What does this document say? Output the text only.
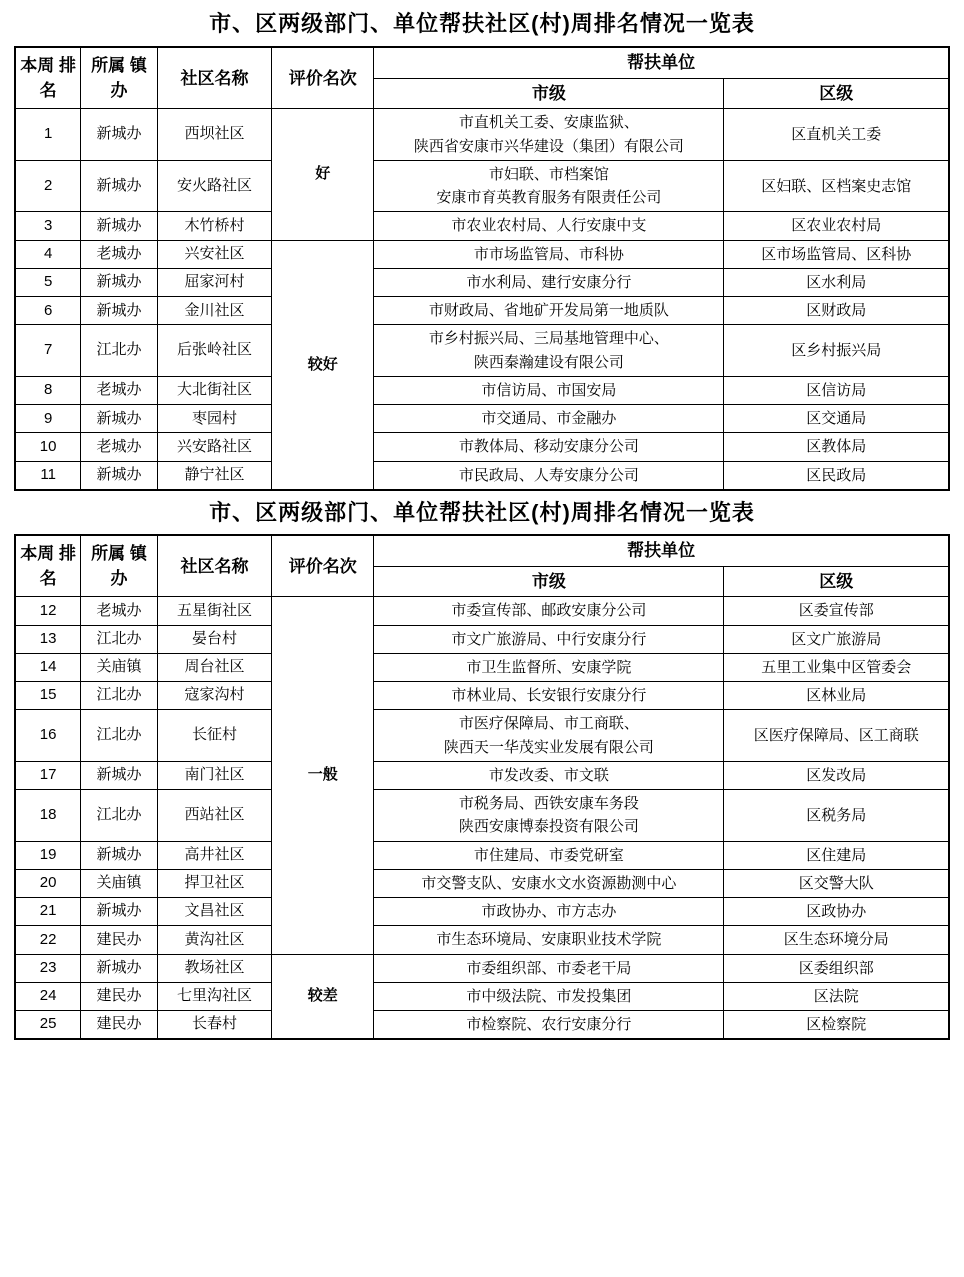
市、区两级部门、单位帮扶社区(村)周排名情况一览表
本周 排名	所属 镇办	社区名称	评价名次	帮扶单位	
				市级	区级
1	新城办	西坝社区	好	市直机关工委、安康监狱、
陕西省安康市兴华建设（集团）有限公司	区直机关工委

2	新城办	安火路社区		市妇联、市档案馆
安康市育英教育服务有限责任公司	区妇联、区档案史志馆

3	新城办	木竹桥村		市农业农村局、人行安康中支	区农业农村局

4	老城办	兴安社区	较好	市市场监管局、市科协	区市场监管局、区科协

5	新城办	屈家河村		市水利局、建行安康分行	区水利局

6	新城办	金川社区		市财政局、省地矿开发局第一地质队	区财政局

7	江北办	后张岭社区		市乡村振兴局、三局基地管理中心、
陕西秦瀚建设有限公司	区乡村振兴局

8	老城办	大北街社区		市信访局、市国安局	区信访局

9	新城办	枣园村		市交通局、市金融办	区交通局

10	老城办	兴安路社区		市教体局、移动安康分公司	区教体局

11	新城办	静宁社区		市民政局、人寿安康分公司	区民政局
市、区两级部门、单位帮扶社区(村)周排名情况一览表
本周 排名	所属 镇办	社区名称	评价名次	帮扶单位	
				市级	区级
12	老城办	五星街社区	一般	市委宣传部、邮政安康分公司	区委宣传部

13	江北办	晏台村		市文广旅游局、中行安康分行	区文广旅游局

14	关庙镇	周台社区		市卫生监督所、安康学院	五里工业集中区管委会

15	江北办	寇家沟村		市林业局、长安银行安康分行	区林业局

16	江北办	长征村		市医疗保障局、市工商联、
陕西天一华茂实业发展有限公司	区医疗保障局、区工商联

17	新城办	南门社区		市发改委、市文联	区发改局

18	江北办	西站社区		市税务局、西铁安康车务段
陕西安康博泰投资有限公司	区税务局

19	新城办	高井社区		市住建局、市委党研室	区住建局

20	关庙镇	捍卫社区		市交警支队、安康水文水资源勘测中心	区交警大队

21	新城办	文昌社区		市政协办、市方志办	区政协办

22	建民办	黄沟社区		市生态环境局、安康职业技术学院	区生态环境分局

23	新城办	教场社区	较差	市委组织部、市委老干局	区委组织部

24	建民办	七里沟社区		市中级法院、市发投集团	区法院

25	建民办	长春村		市检察院、农行安康分行	区检察院
